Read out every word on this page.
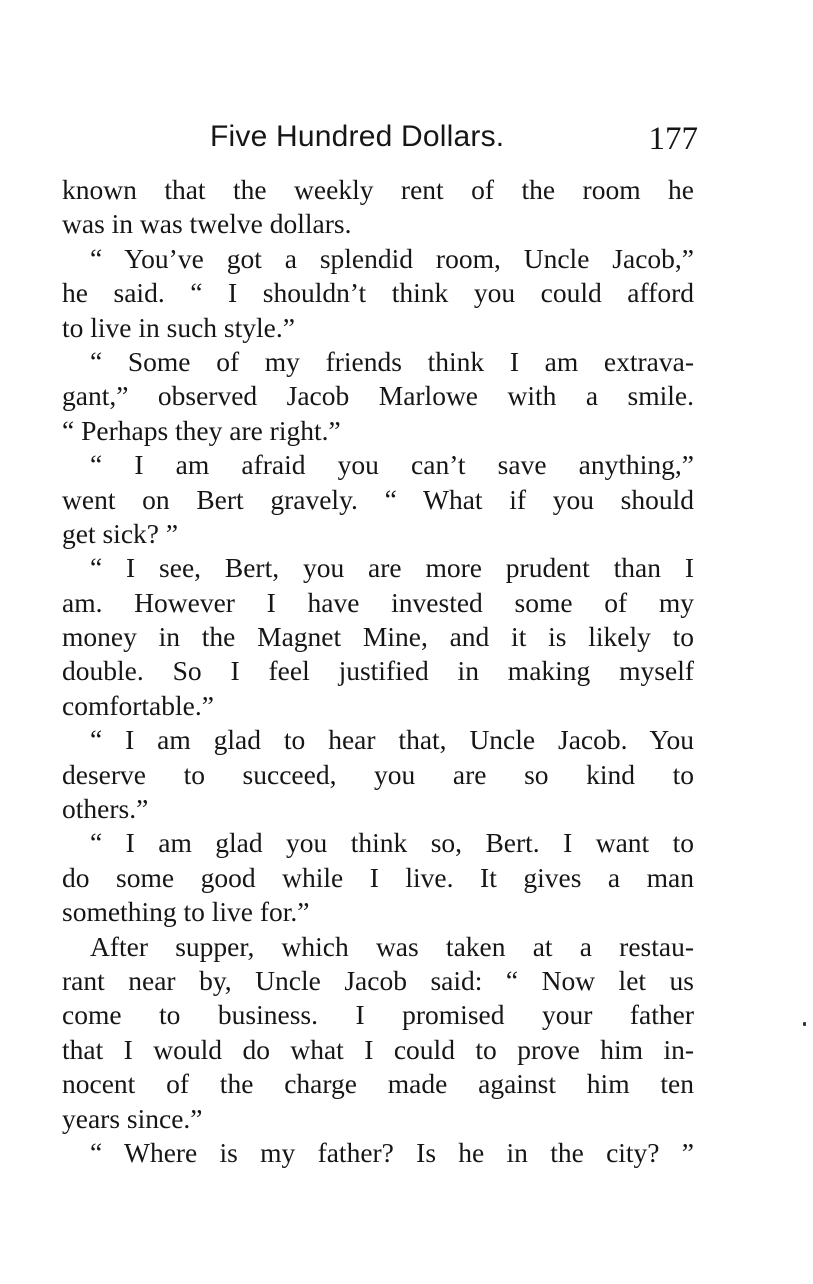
Five Hundred Dollars.	177
known that the weekly rent of the room he
was in was twelve dollars.
“ You’ve got a splendid room, Uncle Jacob,”
he said. “ I shouldn’t think you could afford
to live in such style.”
“ Some of my friends think I am extrava-
gant,” observed Jacob Marlowe with a smile.
“ Perhaps they are right.”
“ I am afraid you can’t save anything,”
went on Bert gravely. “ What if you should
get sick? ”
“ I see, Bert, you are more prudent than I
am. However I have invested some of my
money in the Magnet Mine, and it is likely to
double. So I feel justified in making myself
comfortable.”
“ I am glad to hear that, Uncle Jacob. You
deserve to succeed, you are so kind to
others.”
“ I am glad you think so, Bert. I want to
do some good while I live. It gives a man
something to live for.”
After supper, which was taken at a restau-
rant near by, Uncle Jacob said: “ Now let us
come to business. I promised your father
that I would do what I could to prove him in-
nocent of the charge made against him ten
years since.”
“ Where is my father? Is he in the city? ”
